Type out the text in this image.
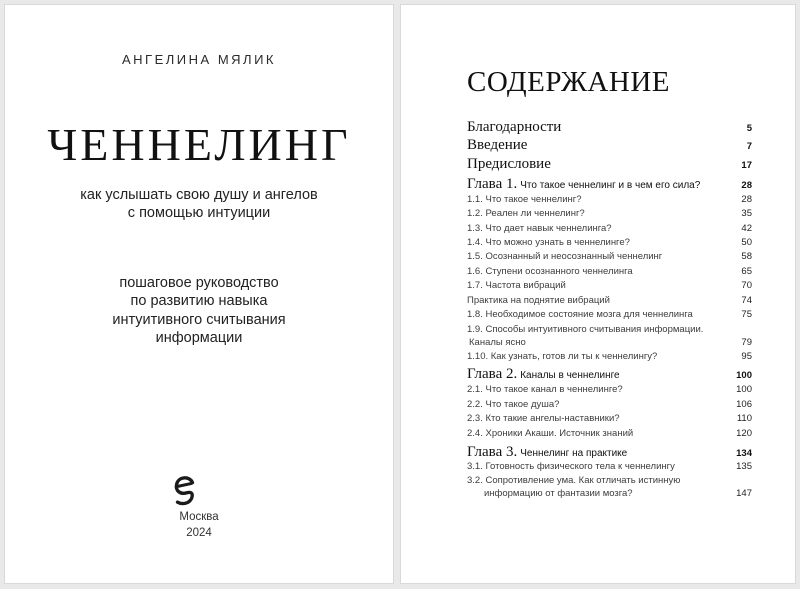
АНГЕЛИНА МЯЛИК
ЧЕННЕЛИНГ
как услышать свою душу и ангелов
с помощью интуиции
пошаговое руководство
по развитию навыка
интуитивного считывания
информации
Москва
2024
СОДЕРЖАНИЕ
Благодарности	5
Введение	7
Предисловие	17
Глава 1. Что такое ченнелинг и в чем его сила?	28
1.1. Что такое ченнелинг?	28
1.2. Реален ли ченнелинг?	35
1.3. Что дает навык ченнелинга?	42
1.4. Что можно узнать в ченнелинге?	50
1.5. Осознанный и неосознанный ченнелинг	58
1.6. Ступени осознанного ченнелинга	65
1.7. Частота вибраций	70
Практика на поднятие вибраций	74
1.8. Необходимое состояние мозга для ченнелинга	75
1.9. Способы интуитивного считывания информации.
Каналы ясно	79
1.10. Как узнать, готов ли ты к ченнелингу?	95
Глава 2. Каналы в ченнелинге	100
2.1. Что такое канал в ченнелинге?	100
2.2. Что такое душа?	106
2.3. Кто такие ангелы-наставники?	110
2.4. Хроники Акаши. Источник знаний	120
Глава 3. Ченнелинг на практике	134
3.1. Готовность физического тела к ченнелингу	135
3.2. Сопротивление ума. Как отличать истинную
информацию от фантазии мозга?	147
